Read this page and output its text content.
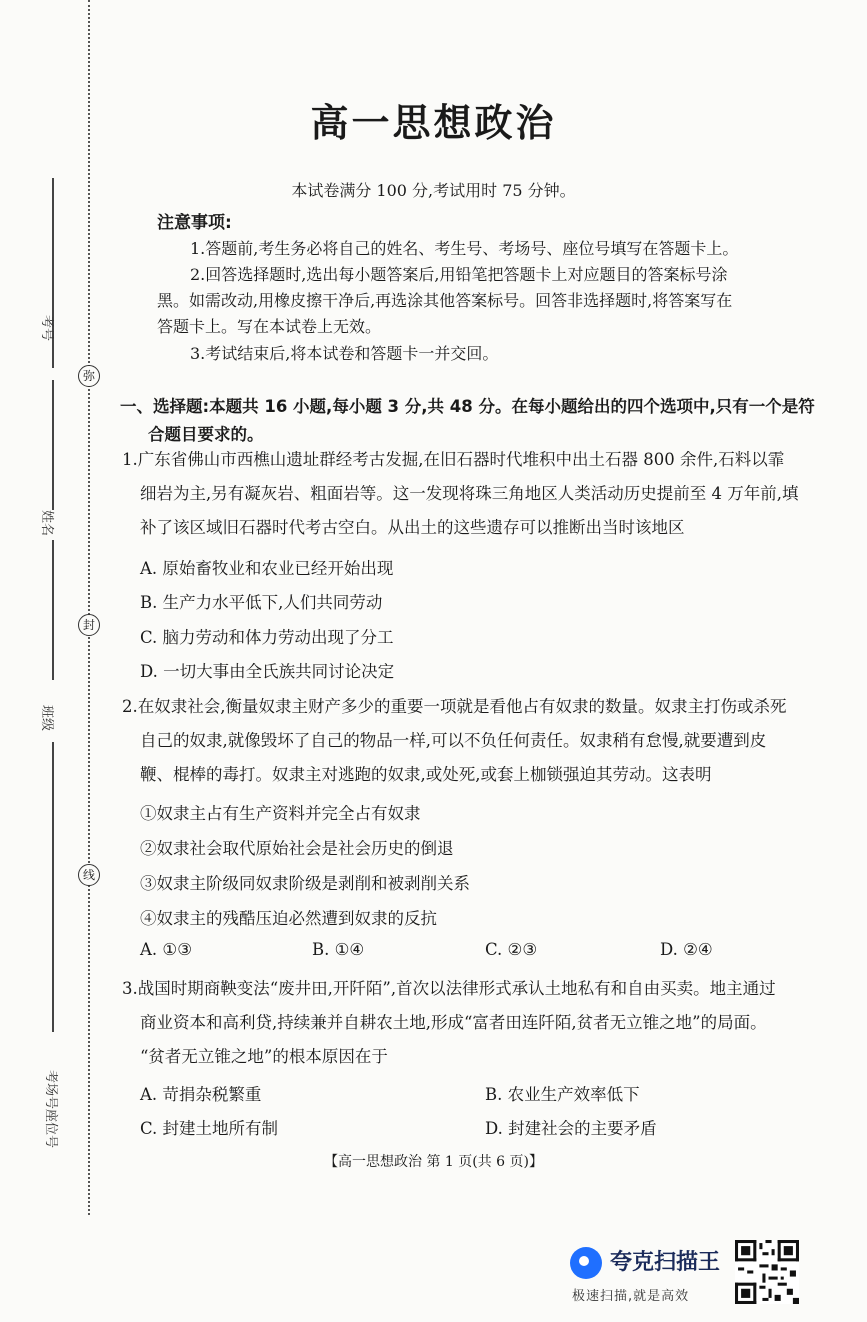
弥
封
线
考号
姓名
班级
考场号座位号
高一思想政治
本试卷满分 100 分,考试用时 75 分钟。
注意事项:
1.答题前,考生务必将自己的姓名、考生号、考场号、座位号填写在答题卡上。
2.回答选择题时,选出每小题答案后,用铅笔把答题卡上对应题目的答案标号涂
黑。如需改动,用橡皮擦干净后,再选涂其他答案标号。回答非选择题时,将答案写在
答题卡上。写在本试卷上无效。
3.考试结束后,将本试卷和答题卡一并交回。
一、选择题:本题共 16 小题,每小题 3 分,共 48 分。在每小题给出的四个选项中,只有一个是符
合题目要求的。
1.广东省佛山市西樵山遗址群经考古发掘,在旧石器时代堆积中出土石器 800 余件,石料以霏
细岩为主,另有凝灰岩、粗面岩等。这一发现将珠三角地区人类活动历史提前至 4 万年前,填
补了该区域旧石器时代考古空白。从出土的这些遗存可以推断出当时该地区
A. 原始畜牧业和农业已经开始出现
B. 生产力水平低下,人们共同劳动
C. 脑力劳动和体力劳动出现了分工
D. 一切大事由全氏族共同讨论决定
2.在奴隶社会,衡量奴隶主财产多少的重要一项就是看他占有奴隶的数量。奴隶主打伤或杀死
自己的奴隶,就像毁坏了自己的物品一样,可以不负任何责任。奴隶稍有怠慢,就要遭到皮
鞭、棍棒的毒打。奴隶主对逃跑的奴隶,或处死,或套上枷锁强迫其劳动。这表明
①奴隶主占有生产资料并完全占有奴隶
②奴隶社会取代原始社会是社会历史的倒退
③奴隶主阶级同奴隶阶级是剥削和被剥削关系
④奴隶主的残酷压迫必然遭到奴隶的反抗
A. ①③	B. ①④	C. ②③	D. ②④
3.战国时期商鞅变法“废井田,开阡陌”,首次以法律形式承认土地私有和自由买卖。地主通过
商业资本和高利贷,持续兼并自耕农土地,形成“富者田连阡陌,贫者无立锥之地”的局面。
“贫者无立锥之地”的根本原因在于
A. 苛捐杂税繁重	B. 农业生产效率低下
C. 封建土地所有制	D. 封建社会的主要矛盾
【高一思想政治 第 1 页(共 6 页)】
夸克扫描王
极速扫描,就是高效
